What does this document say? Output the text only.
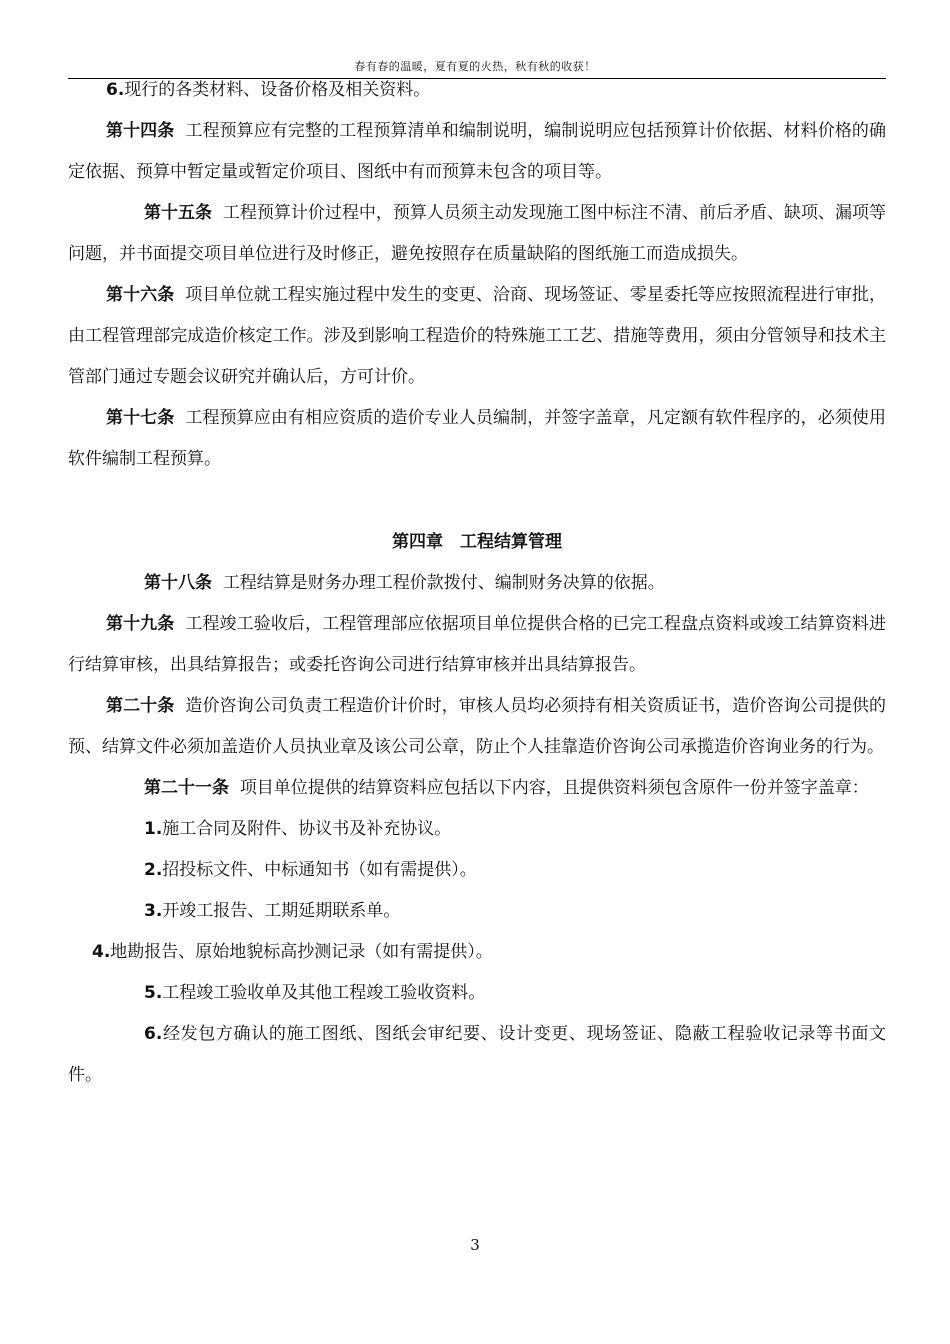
春有春的温暖，夏有夏的火热，秋有秋的收获！

6.现行的各类材料、设备价格及相关资料。

第十四条 工程预算应有完整的工程预算清单和编制说明，编制说明应包括预算计价依据、材料价格的确定依据、预算中暂定量或暂定价项目、图纸中有而预算未包含的项目等。

第十五条 工程预算计价过程中，预算人员须主动发现施工图中标注不清、前后矛盾、缺项、漏项等问题，并书面提交项目单位进行及时修正，避免按照存在质量缺陷的图纸施工而造成损失。

第十六条 项目单位就工程实施过程中发生的变更、洽商、现场签证、零星委托等应按照流程进行审批，由工程管理部完成造价核定工作。涉及到影响工程造价的特殊施工工艺、措施等费用，须由分管领导和技术主管部门通过专题会议研究并确认后，方可计价。

第十七条 工程预算应由有相应资质的造价专业人员编制，并签字盖章，凡定额有软件程序的，必须使用软件编制工程预算。

第四章　工程结算管理

第十八条 工程结算是财务办理工程价款拨付、编制财务决算的依据。

第十九条 工程竣工验收后，工程管理部应依据项目单位提供合格的已完工程盘点资料或竣工结算资料进行结算审核，出具结算报告；或委托咨询公司进行结算审核并出具结算报告。

第二十条 造价咨询公司负责工程造价计价时，审核人员均必须持有相关资质证书，造价咨询公司提供的预、结算文件必须加盖造价人员执业章及该公司公章，防止个人挂靠造价咨询公司承揽造价咨询业务的行为。

第二十一条 项目单位提供的结算资料应包括以下内容，且提供资料须包含原件一份并签字盖章：

1.施工合同及附件、协议书及补充协议。

2.招投标文件、中标通知书（如有需提供）。

3.开竣工报告、工期延期联系单。

4.地勘报告、原始地貌标高抄测记录（如有需提供）。

5.工程竣工验收单及其他工程竣工验收资料。

6.经发包方确认的施工图纸、图纸会审纪要、设计变更、现场签证、隐蔽工程验收记录等书面文件。

3
